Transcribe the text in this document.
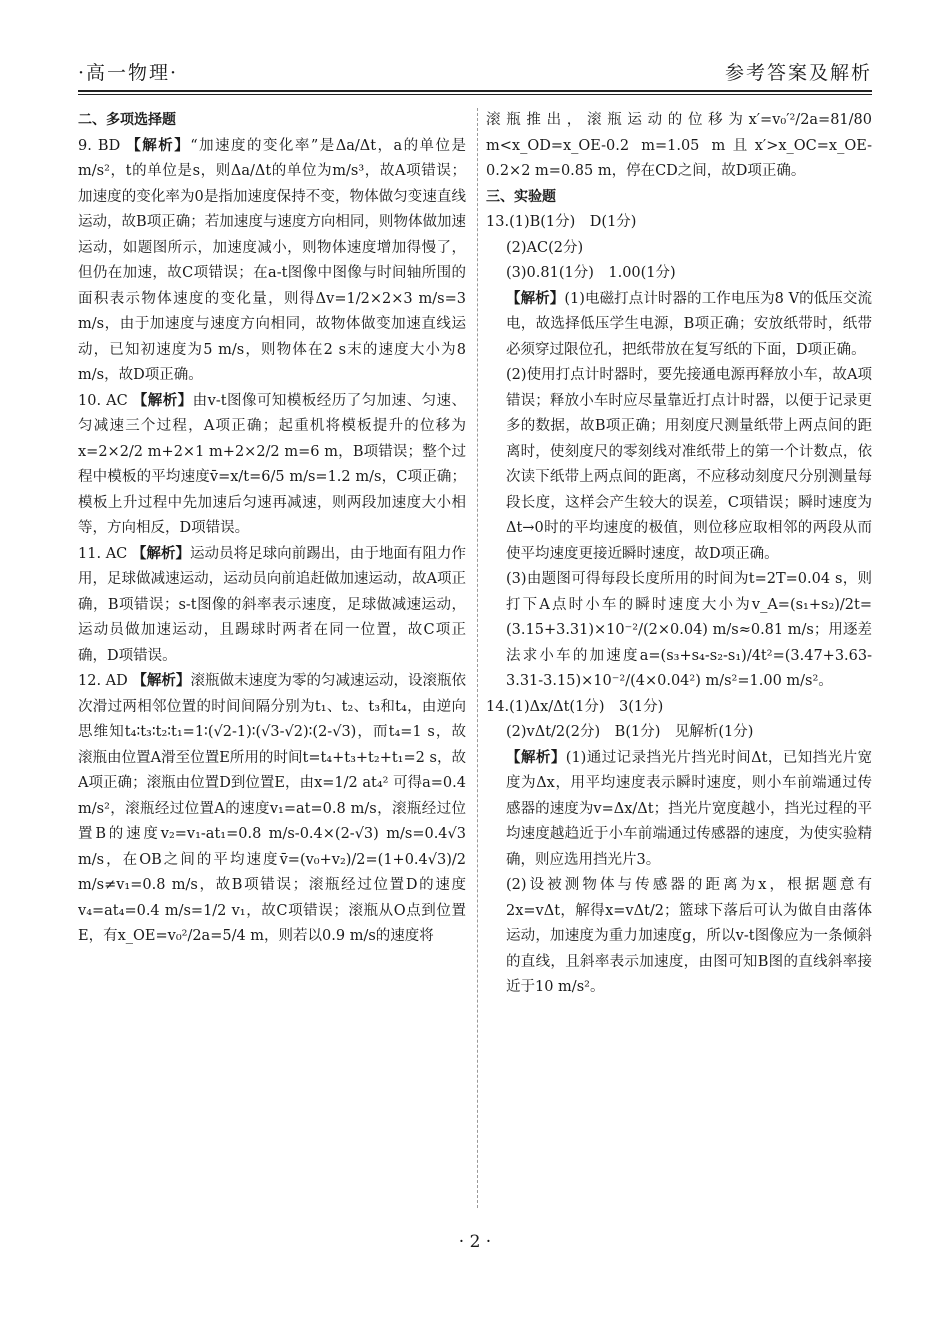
·高一物理·	参考答案及解析
二、多项选择题

9. BD 【解析】“加速度的变化率”是Δa/Δt，a的单位是m/s²，t的单位是s，则Δa/Δt的单位为m/s³，故A项错误；加速度的变化率为0是指加速度保持不变，物体做匀变速直线运动，故B项正确；若加速度与速度方向相同，则物体做加速运动，如题图所示，加速度减小，则物体速度增加得慢了，但仍在加速，故C项错误；在a-t图像中图像与时间轴所围的面积表示物体速度的变化量，则得Δv=1/2×2×3 m/s=3 m/s，由于加速度与速度方向相同，故物体做变加速直线运动，已知初速度为5 m/s，则物体在2 s末的速度大小为8 m/s，故D项正确。

10. AC 【解析】由v-t图像可知模板经历了匀加速、匀速、匀减速三个过程，A项正确；起重机将模板提升的位移为x=2×2/2 m+2×1 m+2×2/2 m=6 m，B项错误；整个过程中模板的平均速度v̄=x/t=6/5 m/s=1.2 m/s，C项正确；模板上升过程中先加速后匀速再减速，则两段加速度大小相等，方向相反，D项错误。

11. AC 【解析】运动员将足球向前踢出，由于地面有阻力作用，足球做减速运动，运动员向前追赶做加速运动，故A项正确，B项错误；s-t图像的斜率表示速度，足球做减速运动，运动员做加速运动，且踢球时两者在同一位置，故C项正确，D项错误。

12. AD 【解析】滚瓶做末速度为零的匀减速运动，设滚瓶依次滑过两相邻位置的时间间隔分别为t₁、t₂、t₃和t₄，由逆向思维知t₄∶t₃∶t₂∶t₁=1∶(√2-1)∶(√3-√2)∶(2-√3)，而t₄=1 s，故滚瓶由位置A滑至位置E所用的时间t=t₄+t₃+t₂+t₁=2 s，故A项正确；滚瓶由位置D到位置E，由x=1/2 at₄² 可得a=0.4 m/s²，滚瓶经过位置A的速度v₁=at=0.8 m/s，滚瓶经过位置B的速度v₂=v₁-at₁=0.8 m/s-0.4×(2-√3) m/s=0.4√3 m/s，在OB之间的平均速度v̄=(v₀+v₂)/2=(1+0.4√3)/2 m/s≠v₁=0.8 m/s，故B项错误；滚瓶经过位置D的速度v₄=at₄=0.4 m/s=1/2 v₁，故C项错误；滚瓶从O点到位置E，有x_OE=v₀²/2a=5/4 m，则若以0.9 m/s的速度将

滚瓶推出，滚瓶运动的位移为x′=v₀′²/2a=81/80 m<x_OD=x_OE-0.2 m=1.05 m且x′>x_OC=x_OE-0.2×2 m=0.85 m，停在CD之间，故D项正确。

三、实验题

13.(1)B(1分)　D(1分)

(2)AC(2分)

(3)0.81(1分)　1.00(1分)

【解析】(1)电磁打点计时器的工作电压为8 V的低压交流电，故选择低压学生电源，B项正确；安放纸带时，纸带必须穿过限位孔，把纸带放在复写纸的下面，D项正确。

(2)使用打点计时器时，要先接通电源再释放小车，故A项错误；释放小车时应尽量靠近打点计时器，以便于记录更多的数据，故B项正确；用刻度尺测量纸带上两点间的距离时，使刻度尺的零刻线对准纸带上的第一个计数点，依次读下纸带上两点间的距离，不应移动刻度尺分别测量每段长度，这样会产生较大的误差，C项错误；瞬时速度为Δt→0时的平均速度的极值，则位移应取相邻的两段从而使平均速度更接近瞬时速度，故D项正确。

(3)由题图可得每段长度所用的时间为t=2T=0.04 s，则打下A点时小车的瞬时速度大小为v_A=(s₁+s₂)/2t=(3.15+3.31)×10⁻²/(2×0.04) m/s≈0.81 m/s；用逐差法求小车的加速度a=(s₃+s₄-s₂-s₁)/4t²=(3.47+3.63-3.31-3.15)×10⁻²/(4×0.04²) m/s²=1.00 m/s²。

14.(1)Δx/Δt(1分)　3(1分)

(2)vΔt/2(2分)　B(1分)　见解析(1分)

【解析】(1)通过记录挡光片挡光时间Δt，已知挡光片宽度为Δx，用平均速度表示瞬时速度，则小车前端通过传感器的速度为v=Δx/Δt；挡光片宽度越小，挡光过程的平均速度越趋近于小车前端通过传感器的速度，为使实验精确，则应选用挡光片3。

(2)设被测物体与传感器的距离为x，根据题意有2x=vΔt，解得x=vΔt/2；篮球下落后可认为做自由落体运动，加速度为重力加速度g，所以v-t图像应为一条倾斜的直线，且斜率表示加速度，由图可知B图的直线斜率接近于10 m/s²。

· 2 ·
